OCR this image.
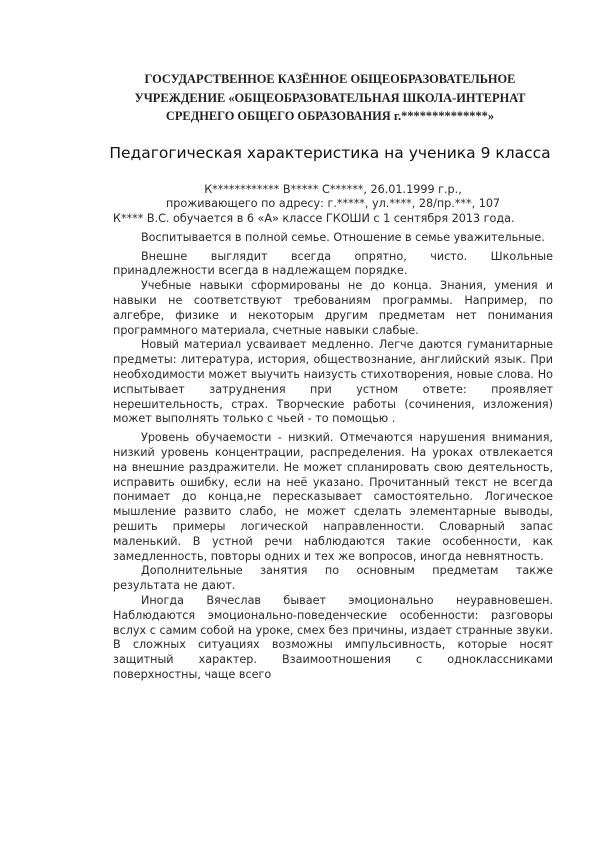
ГОСУДАРСТВЕННОЕ КАЗЁННОЕ ОБЩЕОБРАЗОВАТЕЛЬНОЕ
УЧРЕЖДЕНИЕ «ОБЩЕОБРАЗОВАТЕЛЬНАЯ ШКОЛА-ИНТЕРНАТ
СРЕДНЕГО ОБЩЕГО ОБРАЗОВАНИЯ г.**************»
Педагогическая характеристика на ученика 9 класса
К************ В***** С******, 26.01.1999 г.р.,
проживающего по адресу: г.*****, ул.****, 28/пр.***, 107

К**** В.С. обучается в 6 «А» классе ГКОШИ с 1 сентября 2013 года.

Воспитывается в полной семье. Отношение в семье уважительные.

Внешне выглядит всегда опрятно, чисто. Школьные принадлежности всегда в надлежащем порядке.

Учебные навыки сформированы не до конца. Знания, умения и навыки не соответствуют требованиям программы. Например, по алгебре, физике и некоторым другим предметам нет понимания программного материала, счетные навыки слабые.

Новый материал усваивает медленно. Легче даются гуманитарные предметы: литература, история, обществознание, английский язык. При необходимости может выучить наизусть стихотворения, новые слова. Но испытывает затруднения при устном ответе: проявляет нерешительность, страх. Творческие работы (сочинения, изложения) может выполнять только с чьей - то помощью .

Уровень обучаемости - низкий. Отмечаются нарушения внимания, низкий уровень концентрации, распределения. На уроках отвлекается на внешние раздражители. Не может спланировать свою деятельность, исправить ошибку, если на неё указано. Прочитанный текст не всегда понимает до конца,не пересказывает самостоятельно. Логическое мышление развито слабо, не может сделать элементарные выводы, решить примеры логической направленности. Словарный запас маленький. В устной речи наблюдаются такие особенности, как замедленность, повторы одних и тех же вопросов, иногда невнятность.

Дополнительные занятия по основным предметам также результата не дают.

Иногда Вячеслав бывает эмоционально неуравновешен. Наблюдаются эмоционально-поведенческие особенности: разговоры вслух с самим собой на уроке, смех без причины, издает странные звуки. В сложных ситуациях возможны импульсивность, которые носят защитный характер. Взаимоотношения с одноклассниками поверхностны, чаще всего
